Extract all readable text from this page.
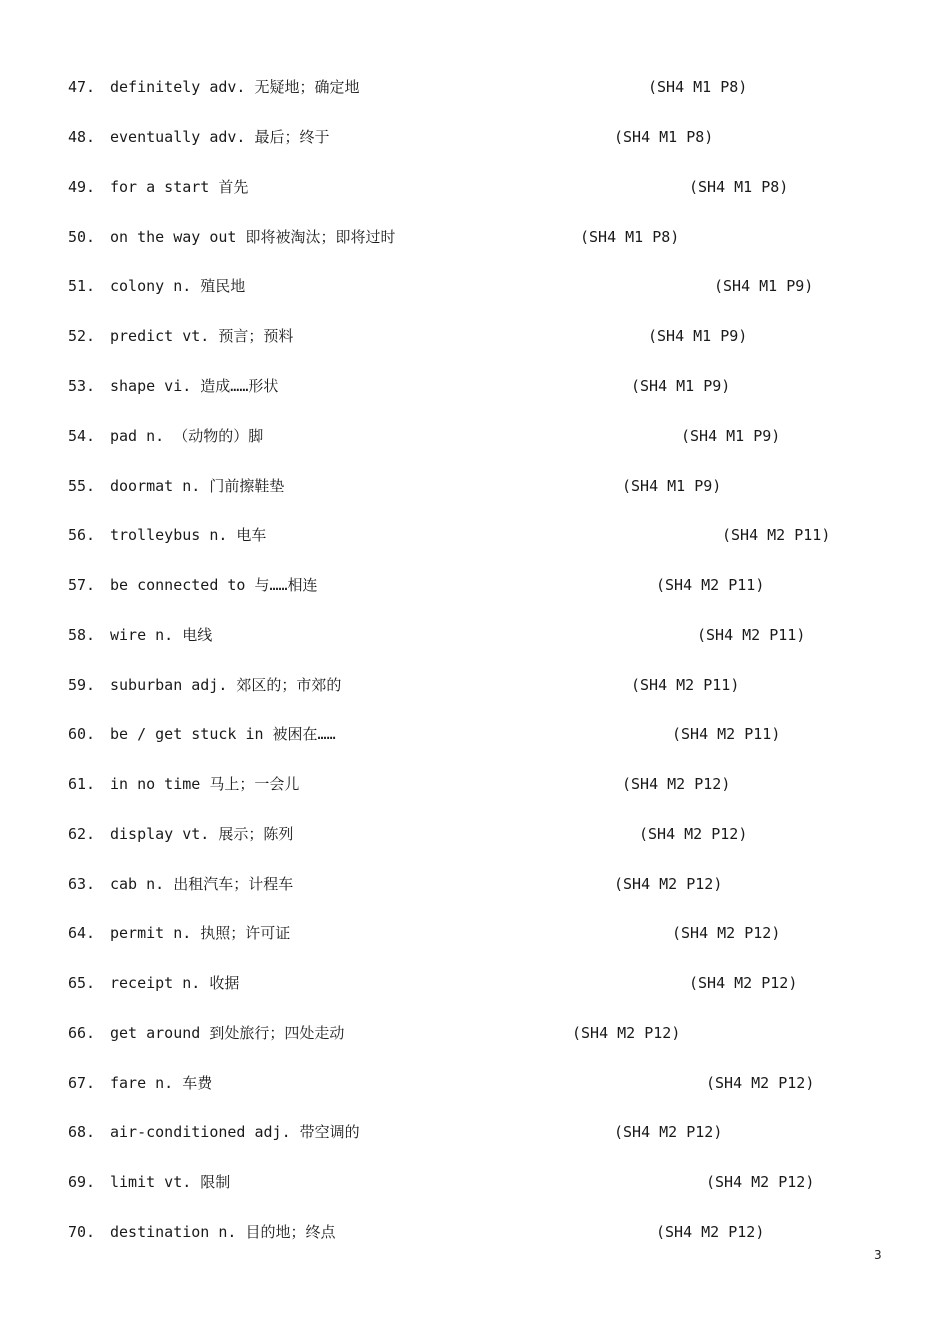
47. definitely adv. 无疑地；确定地	(SH4 M1 P8)
48. eventually adv. 最后；终于	(SH4 M1 P8)
49. for a start 首先	(SH4 M1 P8)
50. on the way out 即将被淘汰；即将过时	(SH4 M1 P8)
51. colony n. 殖民地	(SH4 M1 P9)
52. predict vt. 预言；预料	(SH4 M1 P9)
53. shape vi. 造成……形状	(SH4 M1 P9)
54. pad n. （动物的）脚	(SH4 M1 P9)
55. doormat n. 门前擦鞋垫	(SH4 M1 P9)
56. trolleybus n. 电车	(SH4 M2 P11)
57. be connected to 与……相连	(SH4 M2 P11)
58. wire n. 电线	(SH4 M2 P11)
59. suburban adj. 郊区的；市郊的	(SH4 M2 P11)
60. be / get stuck in 被困在……	(SH4 M2 P11)
61. in no time 马上；一会儿	(SH4 M2 P12)
62. display vt. 展示；陈列	(SH4 M2 P12)
63. cab n. 出租汽车；计程车	(SH4 M2 P12)
64. permit n. 执照；许可证	(SH4 M2 P12)
65. receipt n. 收据	(SH4 M2 P12)
66. get around 到处旅行；四处走动	(SH4 M2 P12)
67. fare n. 车费	(SH4 M2 P12)
68. air-conditioned adj. 带空调的	(SH4 M2 P12)
69. limit vt. 限制	(SH4 M2 P12)
70. destination n. 目的地；终点	(SH4 M2 P12)
3
